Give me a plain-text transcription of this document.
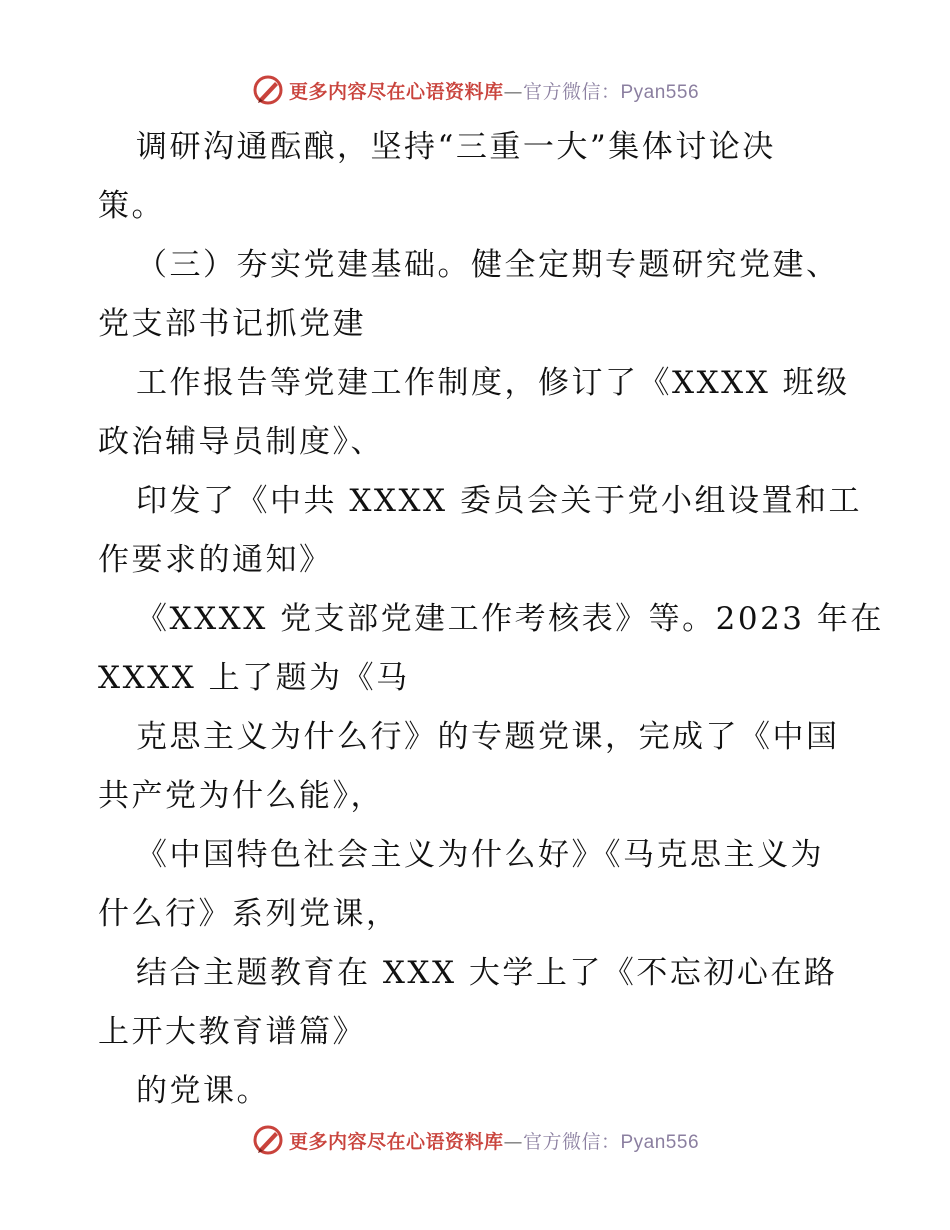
更多内容尽在心语资料库—官方微信：Pyan556
调研沟通酝酿，坚持“三重一大”集体讨论决
策。
（三）夯实党建基础。健全定期专题研究党建、
党支部书记抓党建
工作报告等党建工作制度，修订了《XXXX 班级
政治辅导员制度》、
印发了《中共 XXXX 委员会关于党小组设置和工
作要求的通知》
《XXXX 党支部党建工作考核表》等。2023 年在
XXXX 上了题为《马
克思主义为什么行》的专题党课，完成了《中国
共产党为什么能》，
《中国特色社会主义为什么好》《马克思主义为
什么行》系列党课，
结合主题教育在 XXX 大学上了《不忘初心在路
上开大教育谱篇》
的党课。
更多内容尽在心语资料库—官方微信：Pyan556
